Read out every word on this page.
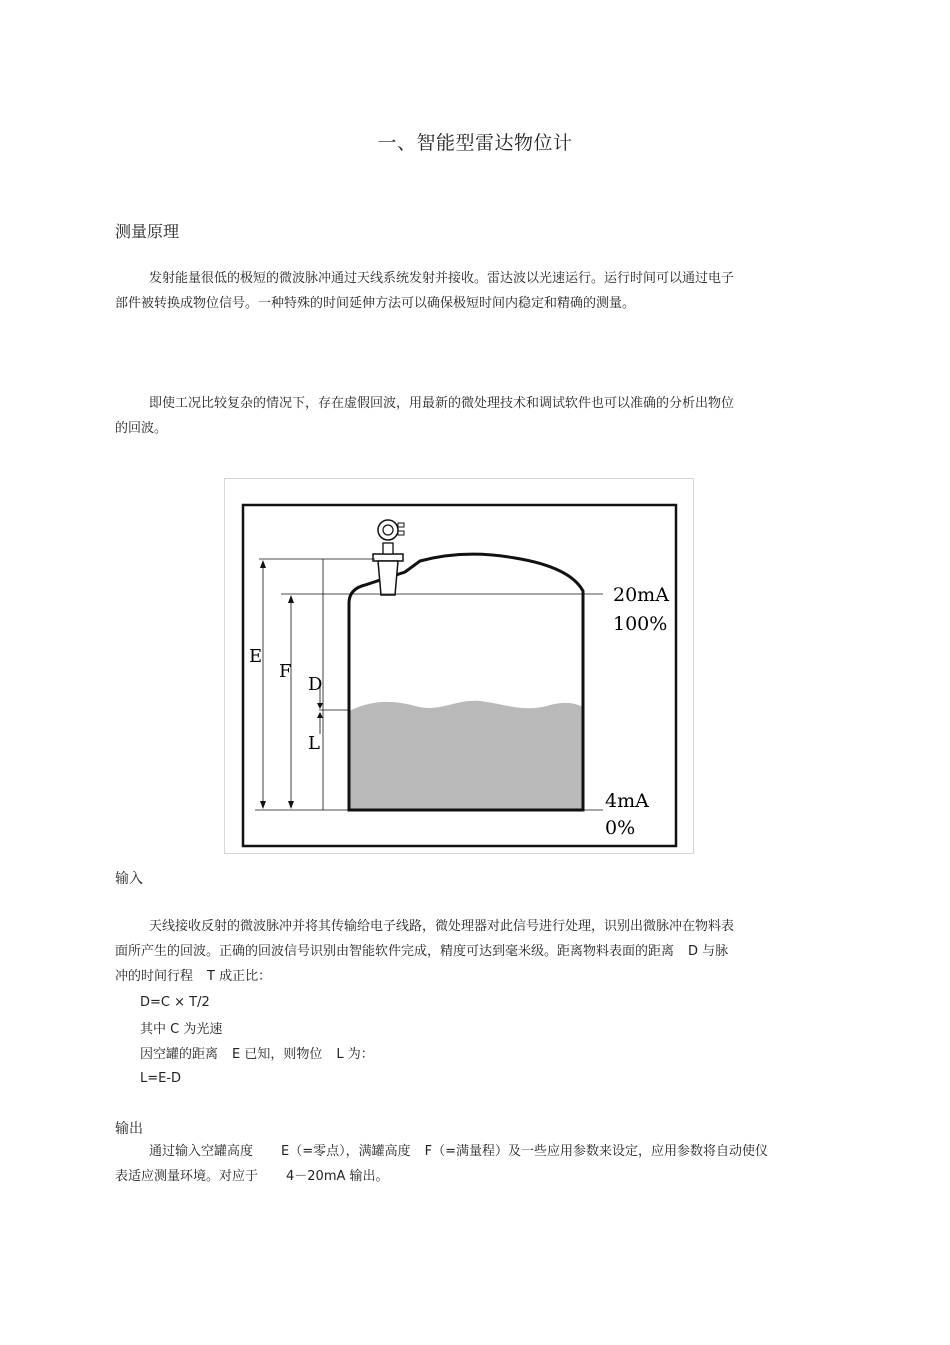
一、智能型雷达物位计
测量原理
发射能量很低的极短的微波脉冲通过天线系统发射并接收。雷达波以光速运行。运行时间可以通过电子部件被转换成物位信号。一种特殊的时间延伸方法可以确保极短时间内稳定和精确的测量。
即使工况比较复杂的情况下，存在虚假回波，用最新的微处理技术和调试软件也可以准确的分析出物位的回波。
E
F
D
L
20mA
100%
4mA
0%
输入
天线接收反射的微波脉冲并将其传输给电子线路，微处理器对此信号进行处理，识别出微脉冲在物料表面所产生的回波。正确的回波信号识别由智能软件完成，精度可达到毫米级。距离物料表面的距离 D 与脉冲的时间行程 T 成正比：
D=C × T/2
其中 C 为光速
因空罐的距离 E 已知，则物位 L 为：
L=E-D
输出
通过输入空罐高度 E（=零点），满罐高度 F（=满量程）及一些应用参数来设定，应用参数将自动使仪表适应测量环境。对应于 4－20mA 输出。
